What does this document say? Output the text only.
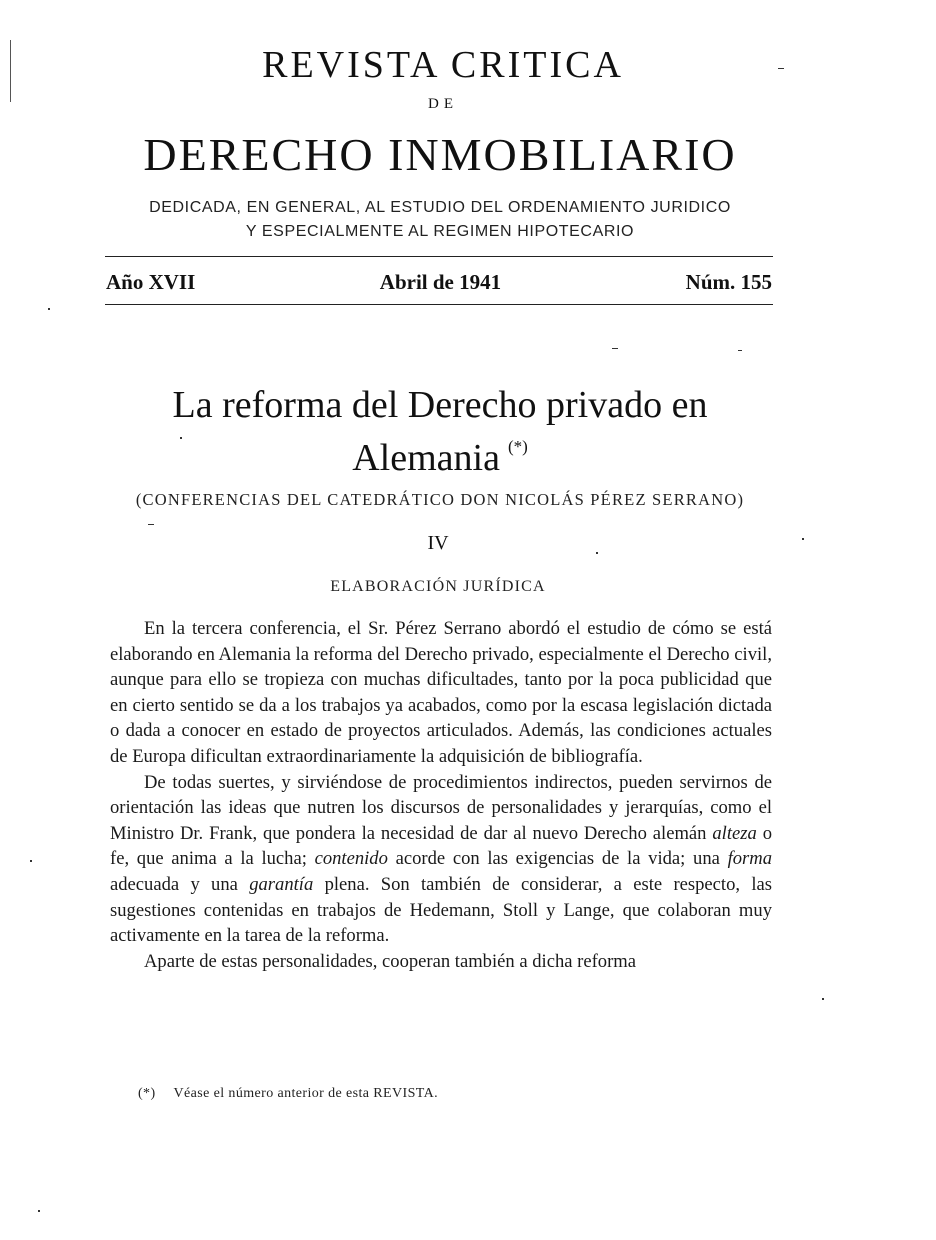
REVISTA CRITICA
DE
DERECHO INMOBILIARIO
DEDICADA, EN GENERAL, AL ESTUDIO DEL ORDENAMIENTO JURIDICO
Y ESPECIALMENTE AL REGIMEN HIPOTECARIO
Año XVII	Abril de 1941	Núm. 155
La reforma del Derecho privado en
Alemania (*)
(CONFERENCIAS DEL CATEDRÁTICO DON NICOLÁS PÉREZ SERRANO)
IV
ELABORACIÓN JURÍDICA

En la tercera conferencia, el Sr. Pérez Serrano abordó el estudio de cómo se está elaborando en Alemania la reforma del Derecho privado, especialmente el Derecho civil, aunque para ello se tropieza con muchas dificultades, tanto por la poca publicidad que en cierto sentido se da a los trabajos ya acabados, como por la escasa legislación dictada o dada a conocer en estado de proyectos articulados. Además, las condiciones actuales de Europa dificultan extraordinariamente la adquisición de bibliografía.

De todas suertes, y sirviéndose de procedimientos indirectos, pueden servirnos de orientación las ideas que nutren los discursos de personalidades y jerarquías, como el Ministro Dr. Frank, que pondera la necesidad de dar al nuevo Derecho alemán alteza o fe, que anima a la lucha; contenido acorde con las exigencias de la vida; una forma adecuada y una garantía plena. Son también de considerar, a este respecto, las sugestiones contenidas en trabajos de Hedemann, Stoll y Lange, que colaboran muy activamente en la tarea de la reforma.

Aparte de estas personalidades, cooperan también a dicha reforma

(*) Véase el número anterior de esta REVISTA.
